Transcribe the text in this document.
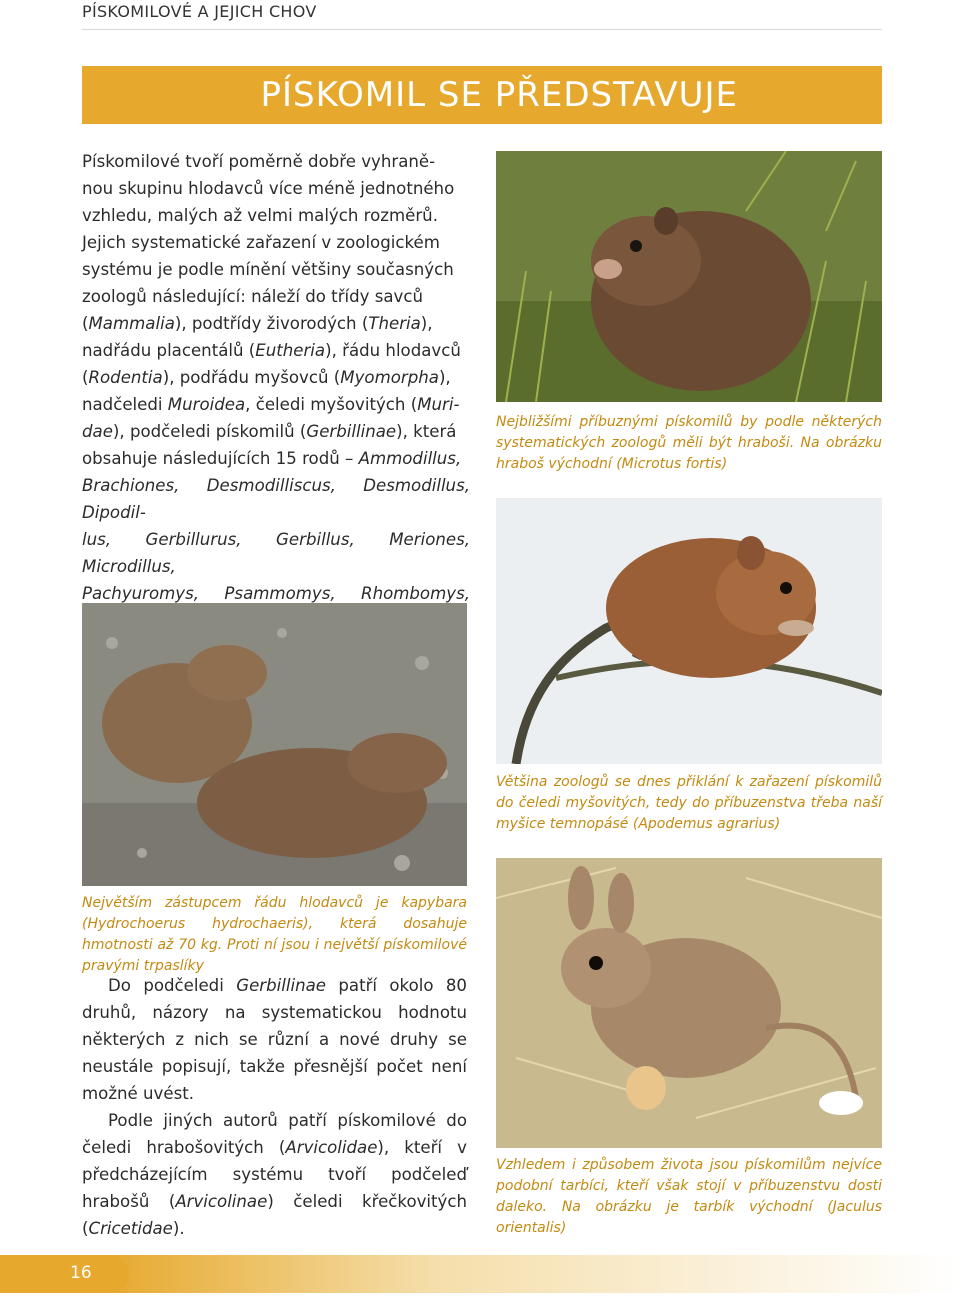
PÍSKOMILOVÉ A JEJICH CHOV
PÍSKOMIL SE PŘEDSTAVUJE
Pískomilové tvoří poměrně dobře vyhraně-
nou skupinu hlodavců více méně jednotného
vzhledu, malých až velmi malých rozměrů.
Jejich systematické zařazení v zoologickém
systému je podle mínění většiny současných
zoologů následující: náleží do třídy savců
(Mammalia), podtřídy živorodých (Theria),
nadřádu placentálů (Eutheria), řádu hlodavců
(Rodentia), podřádu myšovců (Myomorpha),
nadčeledi Muroidea, čeledi myšovitých (Muri-
dae), podčeledi pískomilů (Gerbillinae), která
obsahuje následujících 15 rodů – Ammodillus,
Brachiones, Desmodilliscus, Desmodillus, Dipodil-
lus, Gerbillurus, Gerbillus, Meriones, Microdillus,
Pachyuromys, Psammomys, Rhombomys,
Nejbližšími příbuznými pískomilů by podle některých systematických zoologů měli být hraboši. Na obrázku hraboš východní (Microtus fortis)
Většina zoologů se dnes přiklání k zařazení pískomilů do čeledi myšovitých, tedy do příbuzenstva třeba naší myšice temnopásé (Apodemus agrarius)
Největším zástupcem řádu hlodavců je kapybara (Hydrochoerus hydrochaeris), která dosahuje hmotnosti až 70 kg. Proti ní jsou i největší pískomilové pravými trpaslíky

Do podčeledi Gerbillinae patří okolo 80 druhů, názory na systematickou hodnotu některých z nich se různí a nové druhy se neustále popisují, takže přesnější počet není možné uvést.

Podle jiných autorů patří pískomilové do čeledi hrabošovitých (Arvicolidae), kteří v předcházejícím systému tvoří podčeleď hrabošů (Arvicolinae) čeledi křečkovitých (Cricetidae).

Vzhledem i způsobem života jsou pískomilům nejvíce podobní tarbíci, kteří však stojí v příbuzenstvu dosti daleko. Na obrázku je tarbík východní (Jaculus orientalis)
16
